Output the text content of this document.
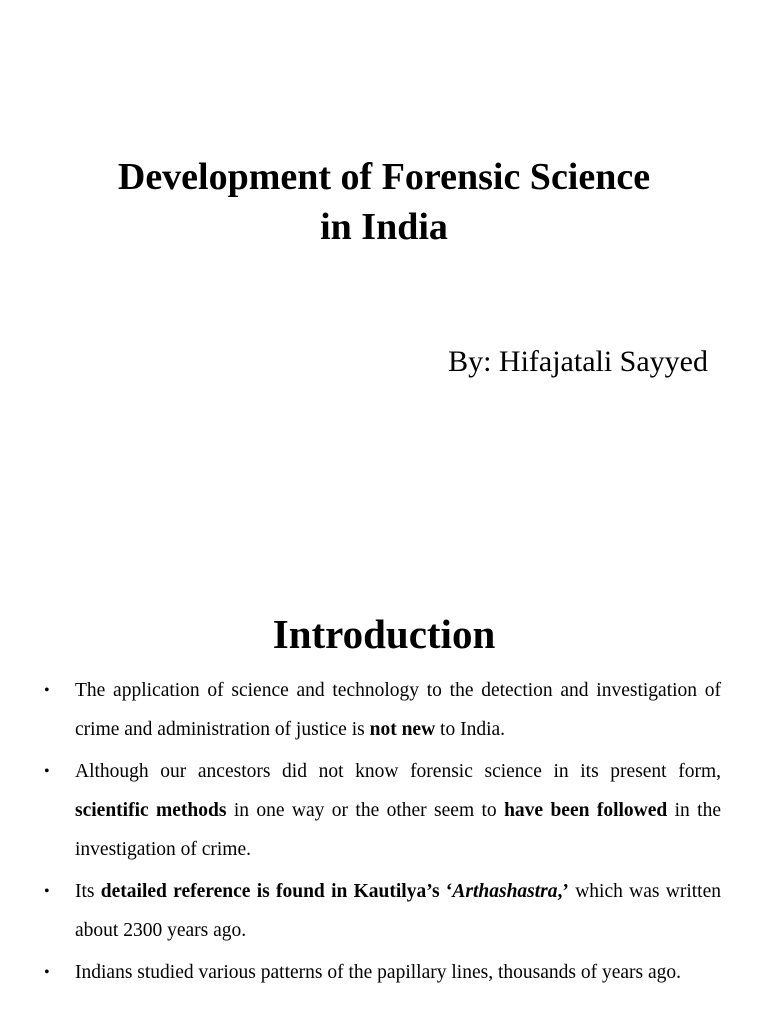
Development of Forensic Science
in India

By: Hifajatali Sayyed

Introduction
• The application of science and technology to the detection and investigation of crime and administration of justice is not new to India.
• Although our ancestors did not know forensic science in its present form, scientific methods in one way or the other seem to have been followed in the investigation of crime.
• Its detailed reference is found in Kautilya’s ‘Arthashastra,’ which was written about 2300 years ago.
• Indians studied various patterns of the papillary lines, thousands of years ago.
